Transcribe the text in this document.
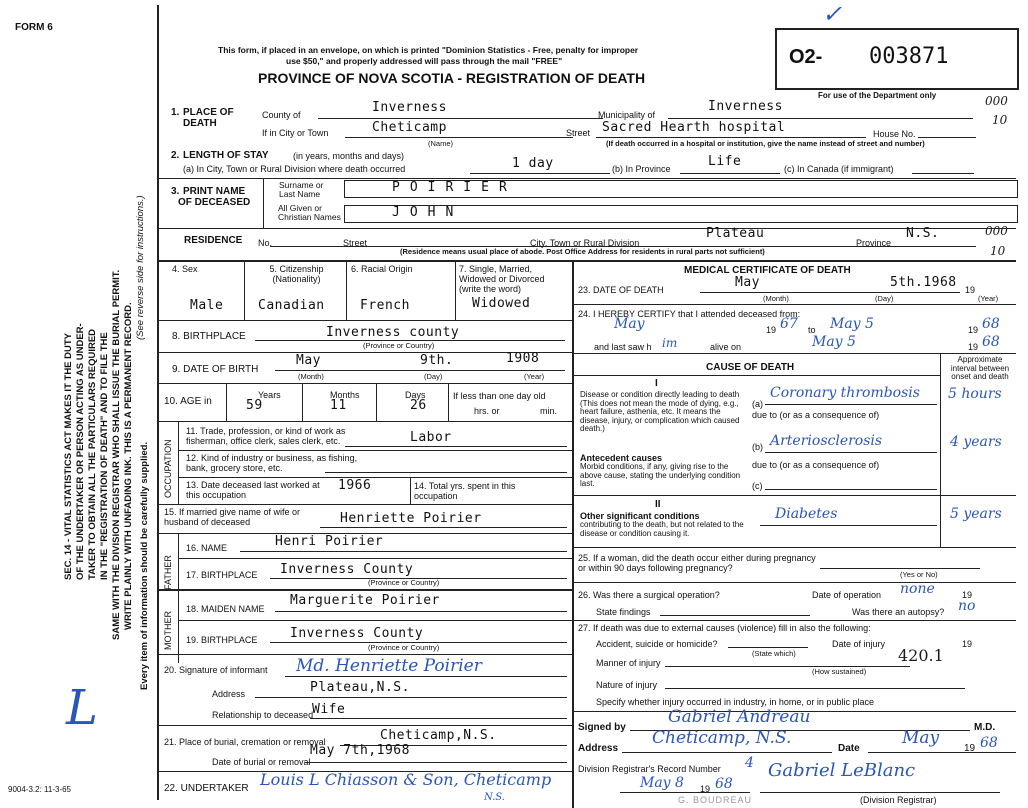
SEC. 14 - VITAL STATISTICS ACT MAKES IT THE DUTY OF THE UNDERTAKER OR PERSON ACTING AS UNDER- TAKER TO OBTAIN ALL THE PARTICULARS REQUIRED IN THE "REGISTRATION OF DEATH" AND TO FILE THE SAME WITH THE DIVISION REGISTRAR WHO SHALL ISSUE THE BURIAL PERMIT. WRITE PLAINLY WITH UNFADING INK. THIS IS A PERMANENT RECORD.
(See reverse side for instructions.)
Every item of information should be carefully supplied.
L
9004-3.2: 11-3-65
FORM 6
This form, if placed in an envelope, on which is printed "Dominion Statistics - Free, penalty for improper
use $50," and properly addressed will pass through the mail "FREE"
PROVINCE OF NOVA SCOTIA - REGISTRATION OF DEATH
O2- 003871
✓
For use of the Department only	000
10
000
10
1. PLACE OF DEATH
County of	Inverness	Municipality of
Inverness
If in City or Town	Cheticamp
(Name)
Street Sacred Hearth hospital	House No.
(If death occurred in a hospital or institution, give the name instead of street and number)
2. LENGTH OF STAY	(in years, months and days)
(a) In City, Town or Rural Division where death occurred	1 day	(b) In Province	Life	(c) In Canada (if immigrant)
3. PRINT NAME
OF DECEASED
Surname or Last Name
All Given or Christian Names
POIRIER
JOHN
RESIDENCE No.	Street	City, Town or Rural Division
Plateau
Province
N.S.
(Residence means usual place of abode. Post Office Address for residents in rural parts not sufficient)
4. Sex	5. Citizenship (Nationality)
6. Racial Origin	7. Single, Married, Widowed or Divorced (write the word)
Male	Canadian	French	Widowed
8. BIRTHPLACE	Inverness county
(Province or Country)
9. DATE OF BIRTH
May	9th.	1908
(Month)	(Day)	(Year)
10. AGE in
Years	Months	Days
59	11	26
If less than one day old
hrs. or	min.
OCCUPATION
11. Trade, profession, or kind of work as fisherman, office clerk, sales clerk, etc.	Labor
12. Kind of industry or business, as fishing, bank, grocery store, etc.
13. Date deceased last worked at this occupation
1966	14. Total yrs. spent in this occupation
15. If married give name of wife or husband of deceased	Henriette Poirier
FATHER
MOTHER
16. NAME	Henri Poirier
17. BIRTHPLACE Inverness County
(Province or Country)
18. MAIDEN NAME
Marguerite Poirier
19. BIRTHPLACE	Inverness County
(Province or Country)
20. Signature of informant Md. Henriette Poirier
Address	Plateau,N.S.
Relationship to deceased
Wife
21. Place of burial, cremation or removal	Cheticamp,N.S.
Date of burial or removal
May 7th,1968
22. UNDERTAKER Louis L Chiasson & Son, Cheticamp
N.S.
MEDICAL CERTIFICATE OF DEATH
23. DATE OF DEATH	May	5th.1968 19
(Month)	(Day)	(Year)
24. I HEREBY CERTIFY that I attended deceased from:
May	19 67 to May 5	19 68
and last saw h im	alive on	May 5	19 68
CAUSE OF DEATH
Approximate interval between onset and death
I
Disease or condition directly leading to death (This does not mean the mode of dying, e.g., heart failure, asthenia, etc. It means the disease, injury, or complication which caused death.)
(a)
Coronary thrombosis 5 hours
due to (or as a consequence of)
Antecedent causes
Morbid conditions, if any, giving rise to the above cause, stating the underlying condition last.
(b) Arteriosclerosis	4 years
due to (or as a consequence of)
(c)
II
Other significant conditions
contributing to the death, but not related to the disease or condition causing it.
Diabetes	5 years
25. If a woman, did the death occur either during pregnancy or within 90 days following pregnancy?
(Yes or No)
26. Was there a surgical operation?	Date of operation none	19
State findings	Was there an autopsy? no
27. If death was due to external causes (violence) fill in also the following:
Accident, suicide or homicide?
(State which)
Date of injury	19
Manner of injury
(How sustained)
420.1
Nature of injury
Specify whether injury occurred in industry, in home, or in public place
Signed by
Gabriel Andreau
M.D.
Address
Cheticamp, N.S.
Date
May
19 68
Division Registrar's Record Number 4
May 8 19 68
Gabriel LeBlanc
(Division Registrar)
G. BOUDREAU
